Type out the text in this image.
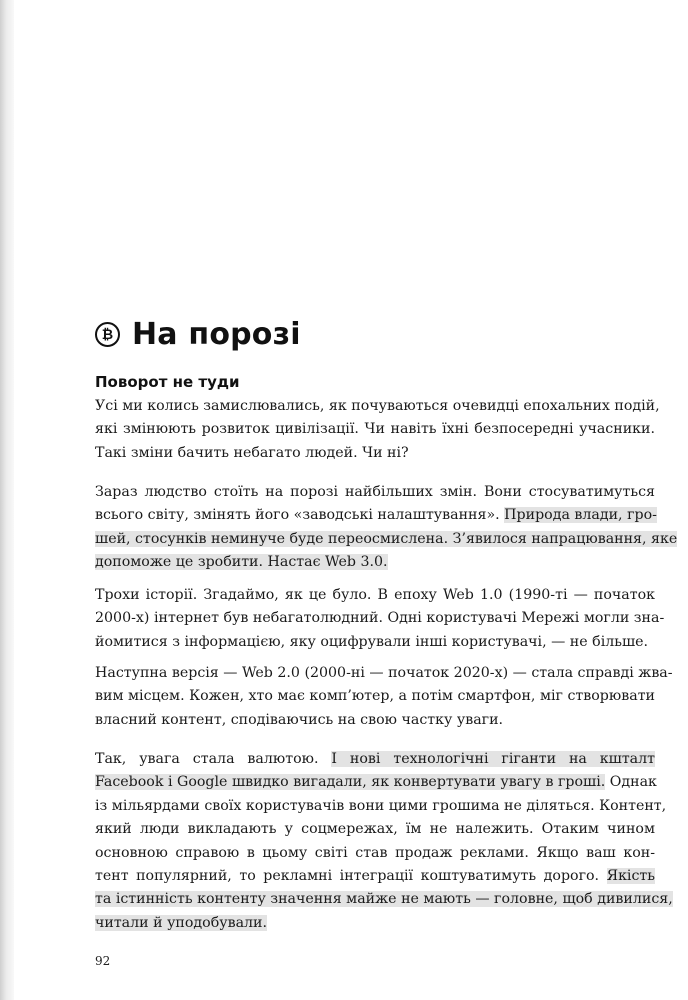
₿ На порозі
Поворот не туди
Усі ми колись замислювались, як почуваються очевидці епохальних подій,
які змінюють розвиток цивілізації. Чи навіть їхні безпосередні учасники.
Такі зміни бачить небагато людей. Чи ні?
Зараз людство стоїть на порозі найбільших змін. Вони стосуватимуться
всього світу, змінять його «заводські налаштування». Природа влади, гро-
шей, стосунків неминуче буде переосмислена. З’явилося напрацювання, яке
допоможе це зробити. Настає Web 3.0.
Трохи історії. Згадаймо, як це було. В епоху Web 1.0 (1990-ті — початок
2000-х) інтернет був небагатолюдний. Одні користувачі Мережі могли зна-
йомитися з інформацією, яку оцифрували інші користувачі, — не більше.
Наступна версія — Web 2.0 (2000-ні — початок 2020-х) — стала справді жва-
вим місцем. Кожен, хто має комп’ютер, а потім смартфон, міг створювати
власний контент, сподіваючись на свою частку уваги.
Так, увага стала валютою. І нові технологічні гіганти на кшталт
Facebook і Google швидко вигадали, як конвертувати увагу в гроші. Однак
із мільярдами своїх користувачів вони цими грошима не діляться. Контент,
який люди викладають у соцмережах, їм не належить. Отаким чином
основною справою в цьому світі став продаж реклами. Якщо ваш кон-
тент популярний, то рекламні інтеграції коштуватимуть дорого. Якість
та істинність контенту значення майже не мають — головне, щоб дивилися,
читали й уподобували.
92
